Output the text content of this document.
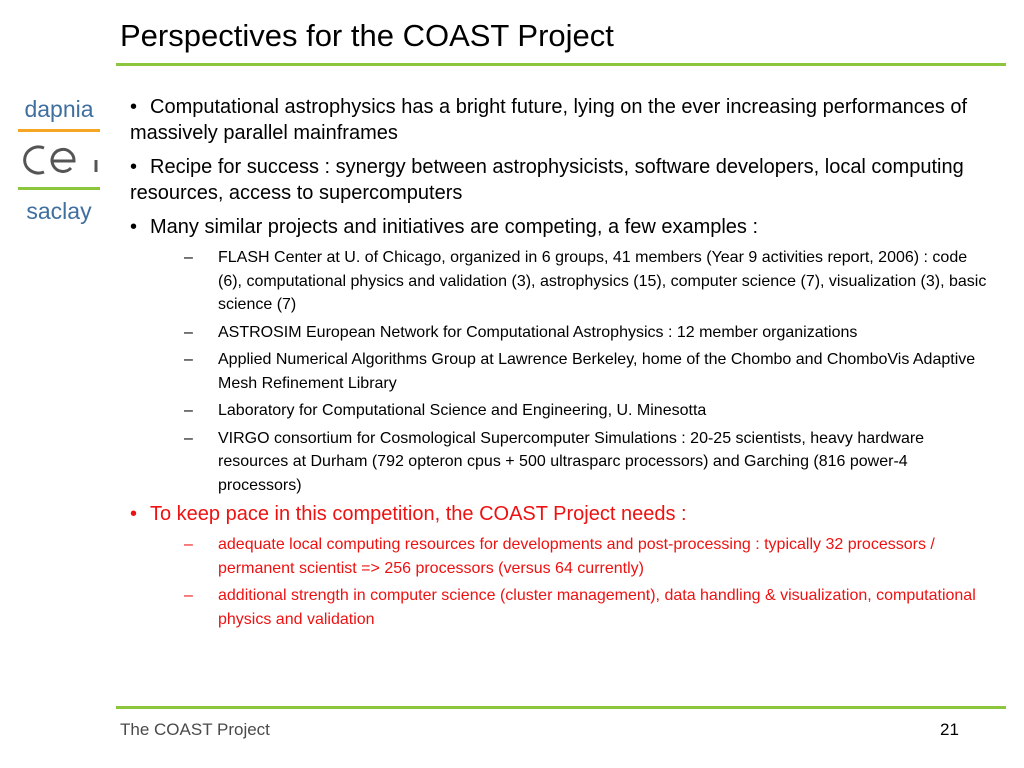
Perspectives for the COAST Project
dapnia
saclay
• Computational astrophysics has a bright future, lying on the ever increasing performances of massively parallel mainframes
• Recipe for success : synergy between astrophysicists, software developers, local computing resources, access to supercomputers
• Many similar projects and initiatives are competing, a few examples :
– FLASH Center at U. of Chicago, organized in 6 groups, 41 members (Year 9 activities report, 2006) : code (6), computational physics and validation (3), astrophysics (15), computer science (7), visualization (3), basic science (7)
– ASTROSIM European Network for Computational Astrophysics : 12 member organizations
– Applied Numerical Algorithms Group at Lawrence Berkeley, home of the Chombo and ChomboVis Adaptive Mesh Refinement Library
– Laboratory for Computational Science and Engineering, U. Minesotta
– VIRGO consortium for Cosmological Supercomputer Simulations : 20-25 scientists, heavy hardware resources at Durham (792 opteron cpus + 500 ultrasparc processors) and Garching (816 power-4 processors)
• To keep pace in this competition, the COAST Project needs :
– adequate local computing resources for developments and post-processing : typically 32 processors / permanent scientist => 256 processors (versus 64 currently)
– additional strength in computer science (cluster management), data handling & visualization, computational physics and validation
The COAST Project	21
